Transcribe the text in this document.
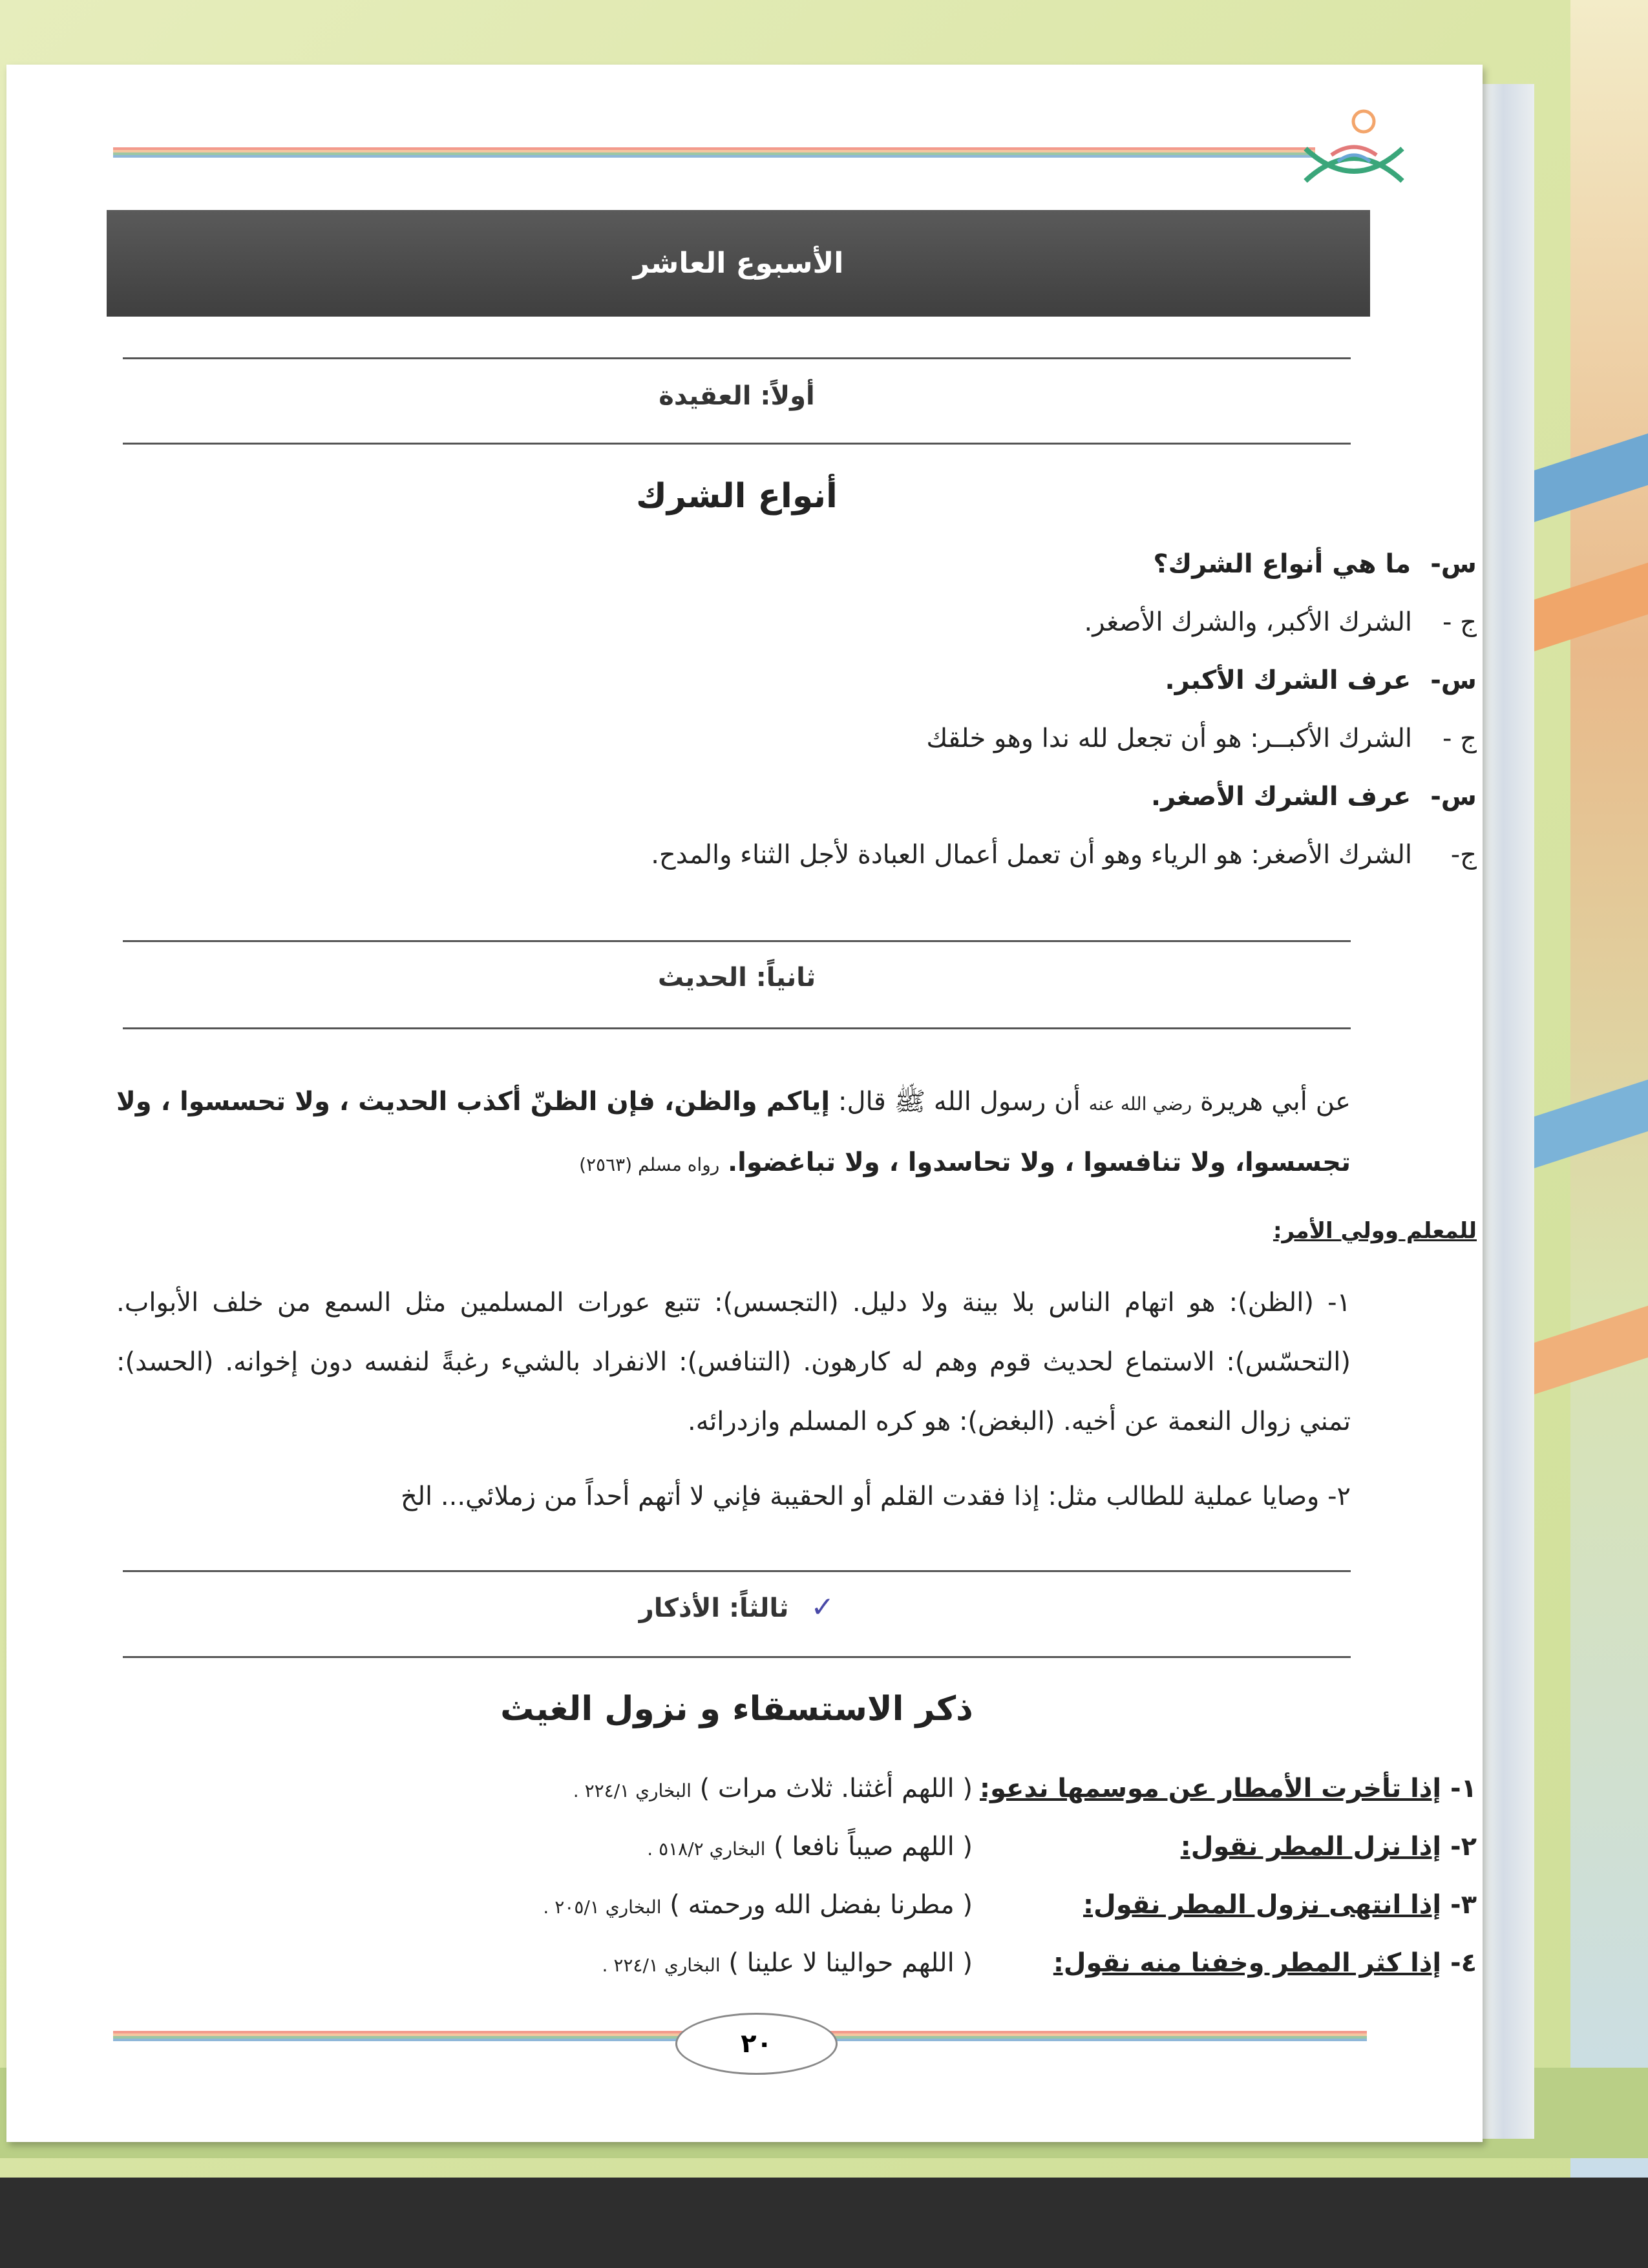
الأسبوع العاشر
أولاً: العقيدة
أنواع الشرك
س-
ما هي أنواع الشرك؟
ج -
الشرك الأكبر، والشرك الأصغر.
س-
عرف الشرك الأكبر.
ج -
الشرك الأكبــر: هو أن تجعل لله ندا وهو خلقك
س-
عرف الشرك الأصغر.
ج-
الشرك الأصغر: هو الرياء وهو أن تعمل أعمال العبادة لأجل الثناء والمدح.
ثانياً: الحديث
عن أبي هريرة رضي الله عنه أن رسول الله ﷺ قال: إياكم والظن، فإن الظنّ أكذب الحديث ، ولا تحسسوا ، ولا تجسسوا، ولا تنافسوا ، ولا تحاسدوا ، ولا تباغضوا. رواه مسلم (٢٥٦٣)
للمعلم وولي الأمر:
١- (الظن): هو اتهام الناس بلا بينة ولا دليل. (التجسس): تتبع عورات المسلمين مثل السمع من خلف الأبواب. (التحسّس): الاستماع لحديث قوم وهم له كارهون. (التنافس): الانفراد بالشيء رغبةً لنفسه دون إخوانه. (الحسد): تمني زوال النعمة عن أخيه. (البغض): هو كره المسلم وازدرائه.
٢- وصايا عملية للطالب مثل: إذا فقدت القلم أو الحقيبة فإني لا أتهم أحداً من زملائي... الخ
✓ ثالثاً: الأذكار
ذكر الاستسقاء و نزول الغيث
١- إذا تأخرت الأمطار عن موسمها ندعو:( اللهم أغثنا. ثلاث مرات ) البخاري ٢٢٤/١ .
٢- إذا نزل المطر نقول:( اللهم صيباً نافعا ) البخاري ٥١٨/٢ .
٣- إذا انتهى نزول المطر نقول:( مطرنا بفضل الله ورحمته ) البخاري ٢٠٥/١ .
٤- إذا كثر المطر وخفنا منه نقول:( اللهم حوالينا لا علينا ) البخاري ٢٢٤/١ .
٢٠
